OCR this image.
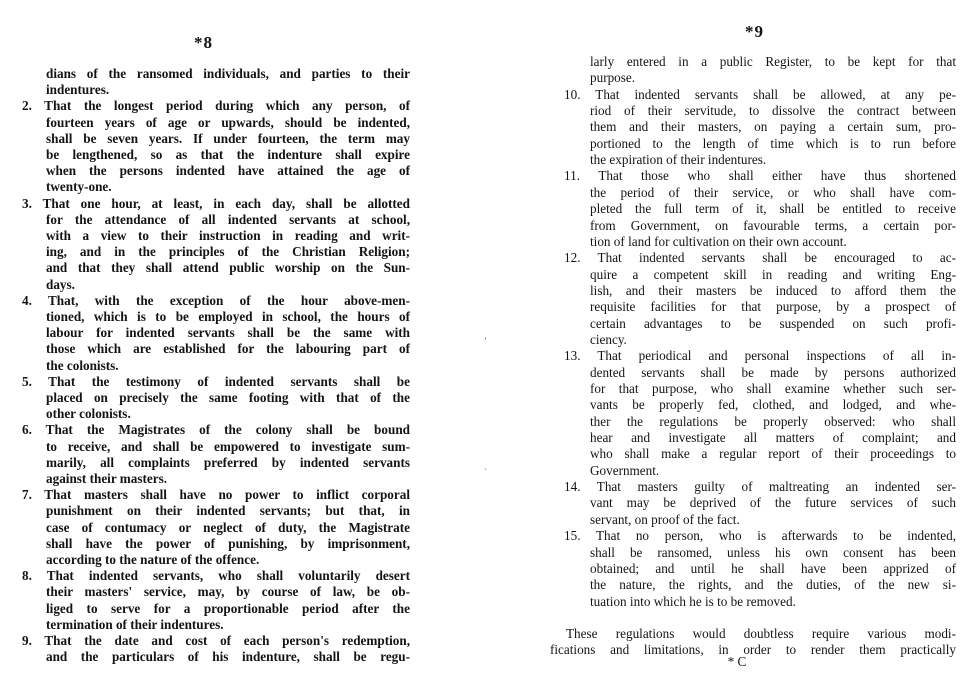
*8
dians of the ransomed individuals, and parties to their
indentures.
2. That the longest period during which any person, of
fourteen years of age or upwards, should be indented,
shall be seven years. If under fourteen, the term may
be lengthened, so as that the indenture shall expire
when the persons indented have attained the age of
twenty-one.
3. That one hour, at least, in each day, shall be allotted
for the attendance of all indented servants at school,
with a view to their instruction in reading and writ-
ing, and in the principles of the Christian Religion;
and that they shall attend public worship on the Sun-
days.
4. That, with the exception of the hour above-men-
tioned, which is to be employed in school, the hours of
labour for indented servants shall be the same with
those which are established for the labouring part of
the colonists.
5. That the testimony of indented servants shall be
placed on precisely the same footing with that of the
other colonists.
6. That the Magistrates of the colony shall be bound
to receive, and shall be empowered to investigate sum-
marily, all complaints preferred by indented servants
against their masters.
7. That masters shall have no power to inflict corporal
punishment on their indented servants; but that, in
case of contumacy or neglect of duty, the Magistrate
shall have the power of punishing, by imprisonment,
according to the nature of the offence.
8. That indented servants, who shall voluntarily desert
their masters' service, may, by course of law, be ob-
liged to serve for a proportionable period after the
termination of their indentures.
9. That the date and cost of each person's redemption,
and the particulars of his indenture, shall be regu-
*9
larly entered in a public Register, to be kept for that
purpose.
10. That indented servants shall be allowed, at any pe-
riod of their servitude, to dissolve the contract between
them and their masters, on paying a certain sum, pro-
portioned to the length of time which is to run before
the expiration of their indentures.
11. That those who shall either have thus shortened
the period of their service, or who shall have com-
pleted the full term of it, shall be entitled to receive
from Government, on favourable terms, a certain por-
tion of land for cultivation on their own account.
12. That indented servants shall be encouraged to ac-
quire a competent skill in reading and writing Eng-
lish, and their masters be induced to afford them the
requisite facilities for that purpose, by a prospect of
certain advantages to be suspended on such profi-
ciency.
13. That periodical and personal inspections of all in-
dented servants shall be made by persons authorized
for that purpose, who shall examine whether such ser-
vants be properly fed, clothed, and lodged, and whe-
ther the regulations be properly observed: who shall
hear and investigate all matters of complaint; and
who shall make a regular report of their proceedings to
Government.
14. That masters guilty of maltreating an indented ser-
vant may be deprived of the future services of such
servant, on proof of the fact.
15. That no person, who is afterwards to be indented,
shall be ransomed, unless his own consent has been
obtained; and until he shall have been apprized of
the nature, the rights, and the duties, of the new si-
tuation into which he is to be removed.
These regulations would doubtless require various modi-
fications and limitations, in order to render them practically
* C
ʼ
ˎ
